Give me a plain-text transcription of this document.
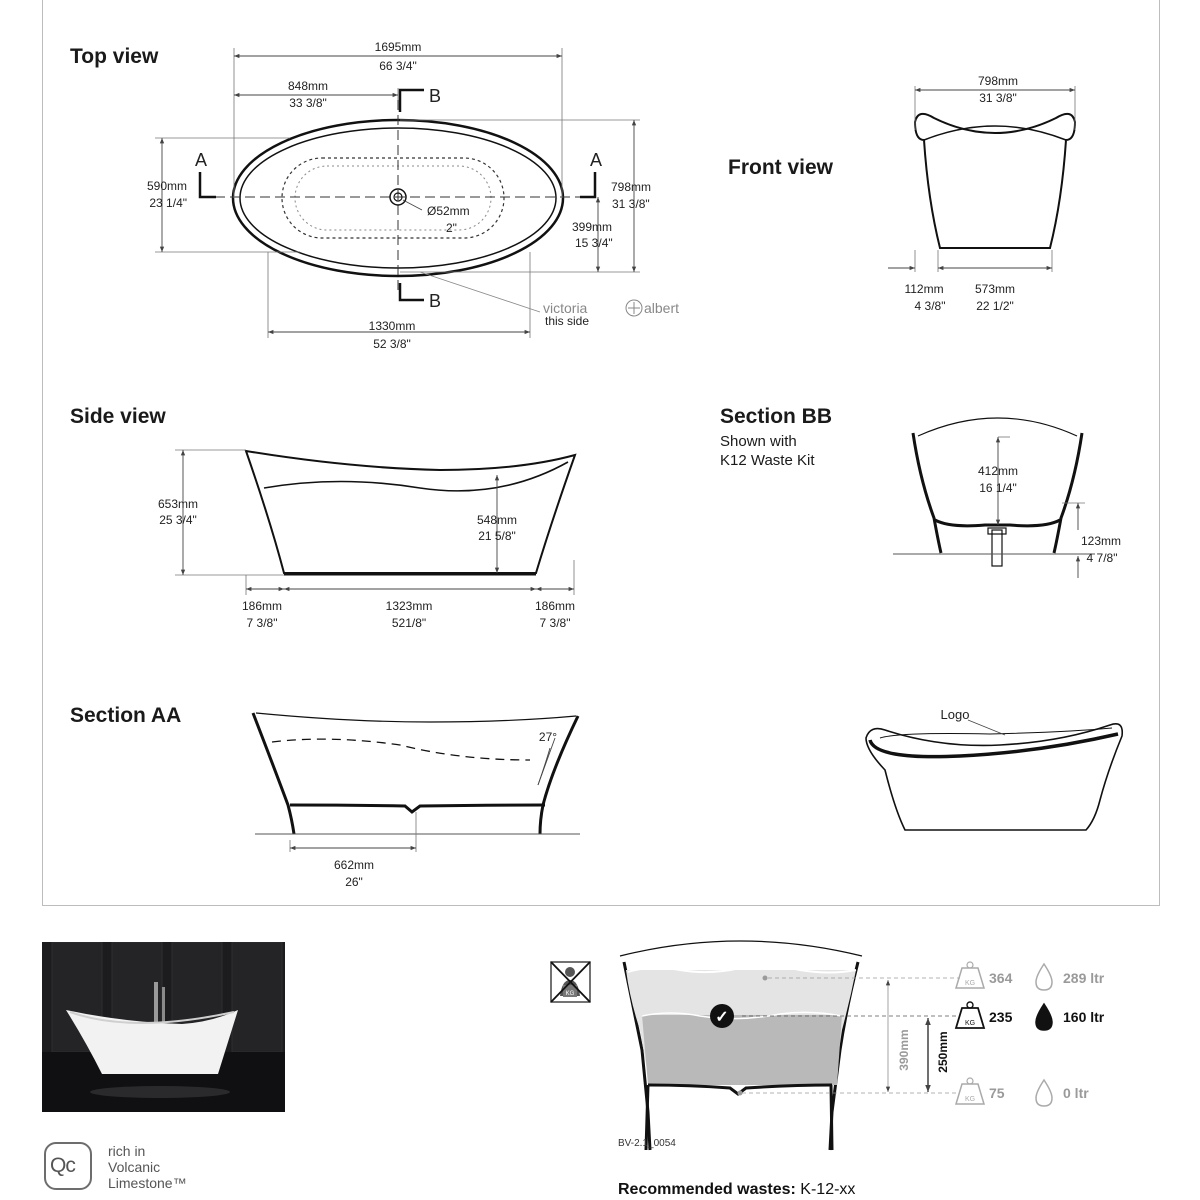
Top view
Front view
Side view	Section BB
Shown with
K12 Waste Kit
Section AA
A	A
B
B
1695mm
66 3/4"
848mm
33 3/8"
590mm
23 1/4"
798mm
31 3/8"
399mm
15 3/4"
Ø52mm
2"
1330mm
52 3/8"
victoria	albert
this side
798mm
31 3/8"
112mm
4 3/8"
573mm
22 1/2"
653mm
25 3/4"	548mm
21 5/8"
186mm
7 3/8"
1323mm
521/8"
186mm
7 3/8"
412mm
16 1/4"
123mm
4 7/8"
27°
662mm
26"
Logo
✓
390mm 250mm
KG 364	289 ltr
KG 235	160 ltr
KG 75	0 ltr
KG
Qc
rich in
Volcanic
Limestone™
BV-2.1_0054
Recommended wastes: K-12-xx
